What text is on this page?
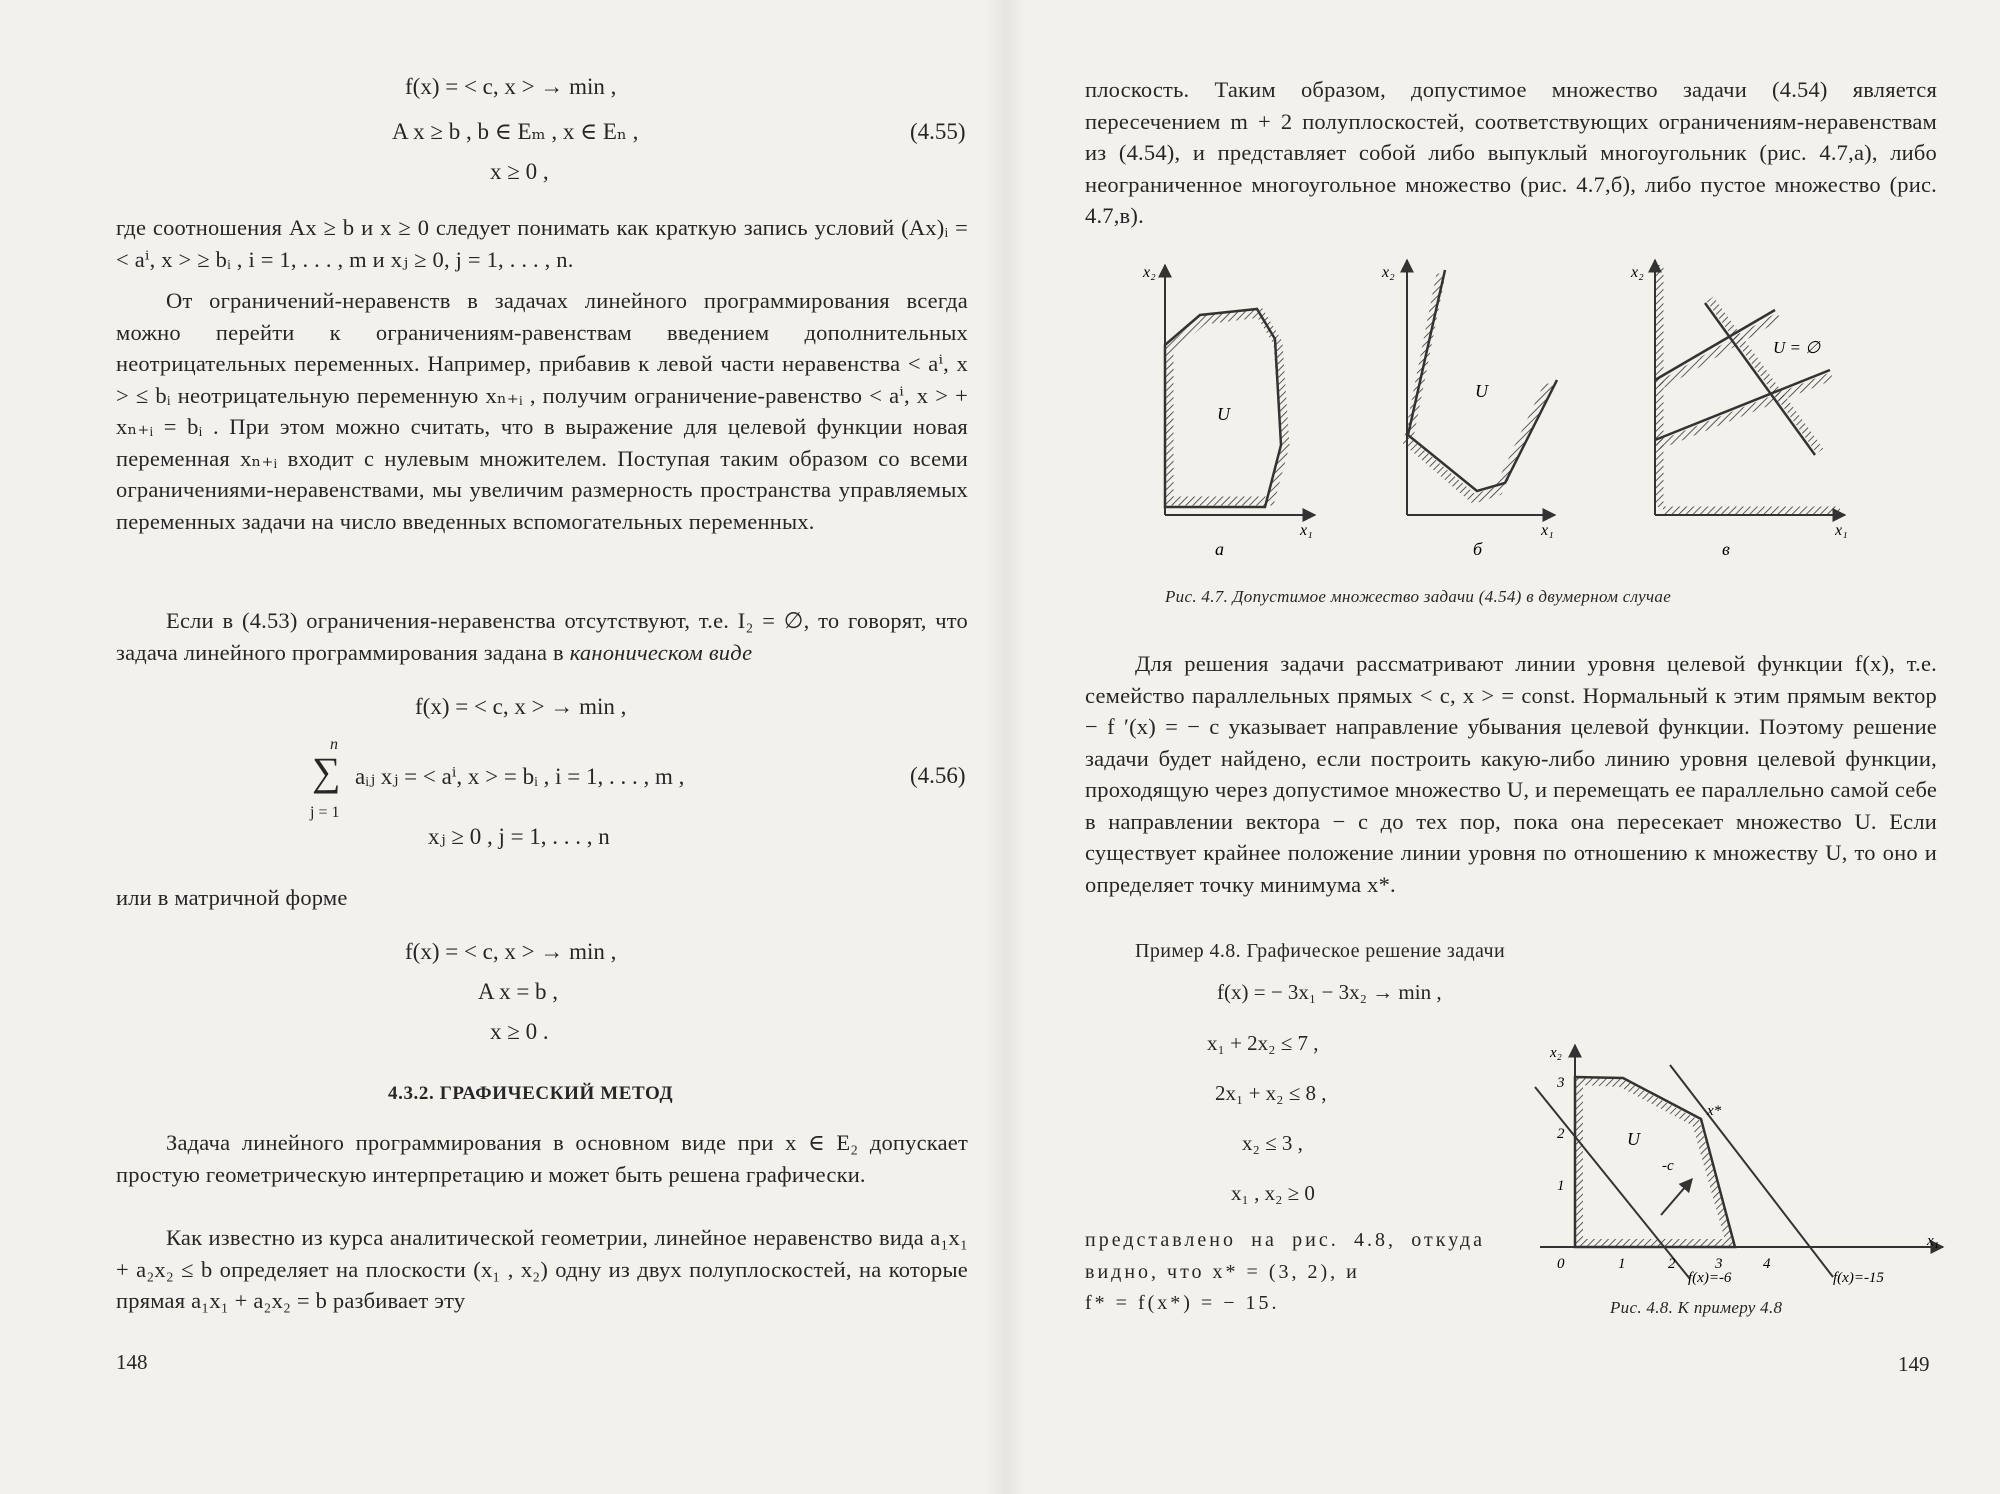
f(x) = < c, x > → min ,
A x ≥ b , b ∈ Eₘ , x ∈ Eₙ ,
x ≥ 0 ,
(4.55)

где соотношения Ax ≥ b и x ≥ 0 следует понимать как краткую запись условий (Ax)ᵢ = < aⁱ, x > ≥ bᵢ , i = 1, . . . , m и xⱼ ≥ 0, j = 1, . . . , n.

От ограничений-неравенств в задачах линейного программирования всегда можно перейти к ограничениям-равенствам введением дополнительных неотрицательных переменных. Например, прибавив к левой части неравенства < aⁱ, x > ≤ bᵢ неотрицательную переменную xₙ₊ᵢ , получим ограничение-равенство < aⁱ, x > + xₙ₊ᵢ = bᵢ . При этом можно считать, что в выражение для целевой функции новая переменная xₙ₊ᵢ входит с нулевым множителем. Поступая таким образом со всеми ограничениями-неравенствами, мы увеличим размерность пространства управляемых переменных задачи на число введенных вспомогательных переменных.

Если в (4.53) ограничения-неравенства отсутствуют, т.е. I₂ = ∅, то говорят, что задача линейного программирования задана в каноническом виде

f(x) = < c, x > → min ,
n
∑
j = 1
aᵢⱼ xⱼ = < aⁱ, x > = bᵢ , i = 1, . . . , m ,	(4.56)
xⱼ ≥ 0 , j = 1, . . . , n

или в матричной форме

f(x) = < c, x > → min ,
A x = b ,
x ≥ 0 .
4.3.2. ГРАФИЧЕСКИЙ МЕТОД

Задача линейного программирования в основном виде при x ∈ E₂ допускает простую геометрическую интерпретацию и может быть решена графически.

Как известно из курса аналитической геометрии, линейное неравенство вида a₁x₁ + a₂x₂ ≤ b определяет на плоскости (x₁ , x₂) одну из двух полуплоскостей, на которые прямая a₁x₁ + a₂x₂ = b разбивает эту

148

плоскость. Таким образом, допустимое множество задачи (4.54) является пересечением m + 2 полуплоскостей, соответствующих ограничениям-неравенствам из (4.54), и представляет собой либо выпуклый многоугольник (рис. 4.7,а), либо неограниченное многоугольное множество (рис. 4.7,б), либо пустое множество (рис. 4.7,в).

x₂
x₁
U
а
x₂
x₁
U
б
x₂
x₁
U = ∅
в
Рис. 4.7. Допустимое множество задачи (4.54) в двумерном случае

Для решения задачи рассматривают линии уровня целевой функции f(x), т.е. семейство параллельных прямых < c, x > = const. Нормальный к этим прямым вектор − f ′(x) = − c указывает направление убывания целевой функции. Поэтому решение задачи будет найдено, если построить какую-либо линию уровня целевой функции, проходящую через допустимое множество U, и перемещать ее параллельно самой себе в направлении вектора − c до тех пор, пока она пересекает множество U. Если существует крайнее положение линии уровня по отношению к множеству U, то оно и определяет точку минимума x*.

Пример 4.8. Графическое решение задачи
f(x) = − 3x₁ − 3x₂ → min ,
x₁ + 2x₂ ≤ 7 ,
2x₁ + x₂ ≤ 8 ,
x₂ ≤ 3 ,
x₁ , x₂ ≥ 0
представлено на рис. 4.8, откуда видно, что x* = (3, 2), и
f* = f(x*) = − 15.
x₂
x₁
0	1	2	3	4
1
2
3
U
-c
x*
f(x)=-6	f(x)=-15
Рис. 4.8. К примеру 4.8
149
